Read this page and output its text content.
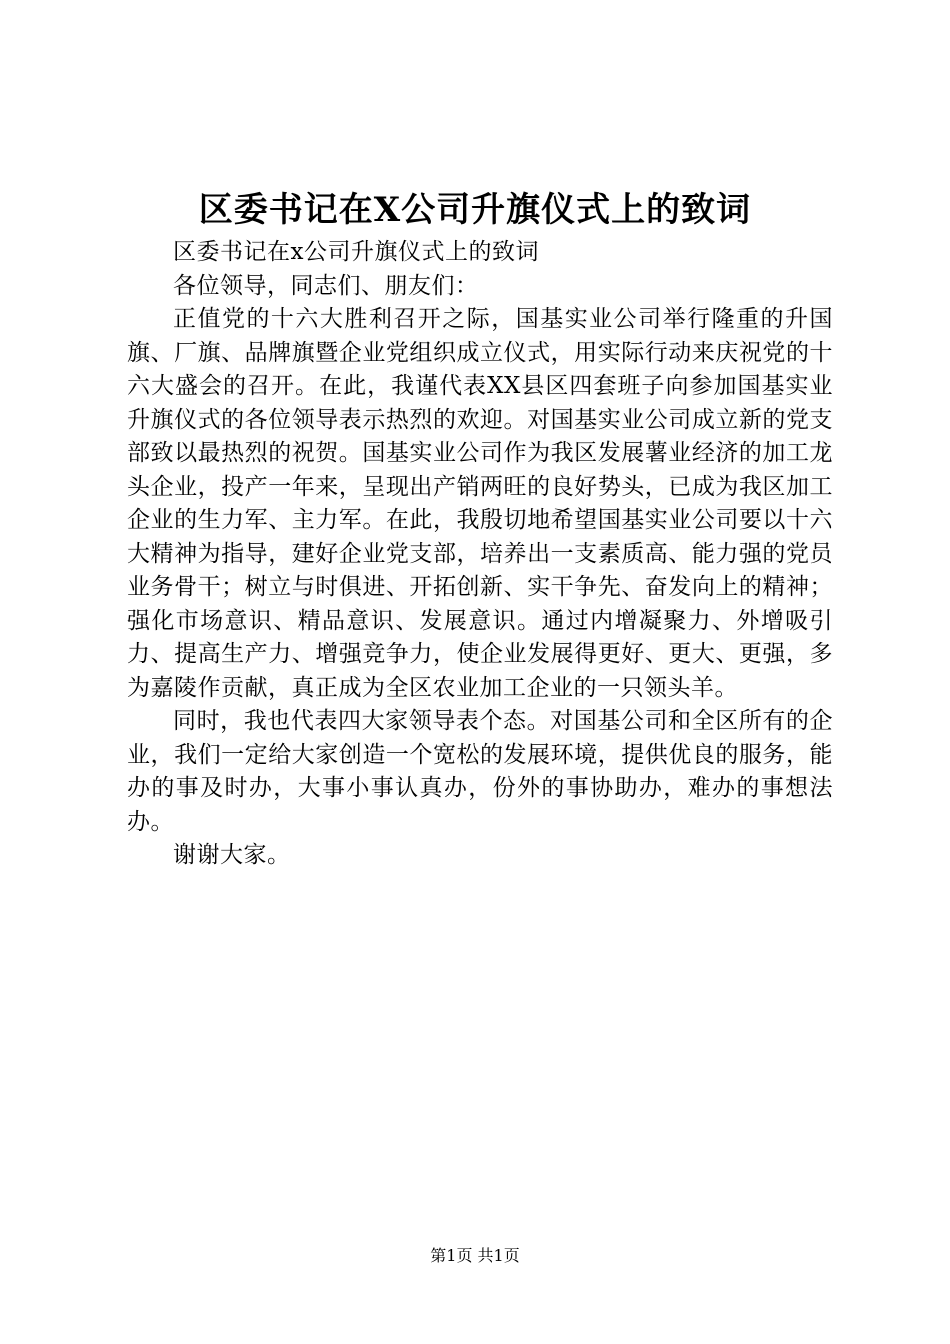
区委书记在X公司升旗仪式上的致词

区委书记在x公司升旗仪式上的致词

各位领导，同志们、朋友们：

正值党的十六大胜利召开之际，国基实业公司举行隆重的升国旗、厂旗、品牌旗暨企业党组织成立仪式，用实际行动来庆祝党的十六大盛会的召开。在此，我谨代表XX县区四套班子向参加国基实业升旗仪式的各位领导表示热烈的欢迎。对国基实业公司成立新的党支部致以最热烈的祝贺。国基实业公司作为我区发展薯业经济的加工龙头企业，投产一年来，呈现出产销两旺的良好势头，已成为我区加工企业的生力军、主力军。在此，我殷切地希望国基实业公司要以十六大精神为指导，建好企业党支部，培养出一支素质高、能力强的党员业务骨干；树立与时俱进、开拓创新、实干争先、奋发向上的精神；强化市场意识、精品意识、发展意识。通过内增凝聚力、外增吸引力、提高生产力、增强竞争力，使企业发展得更好、更大、更强，多为嘉陵作贡献，真正成为全区农业加工企业的一只领头羊。

同时，我也代表四大家领导表个态。对国基公司和全区所有的企业，我们一定给大家创造一个宽松的发展环境，提供优良的服务，能办的事及时办，大事小事认真办，份外的事协助办，难办的事想法办。

谢谢大家。

第1页 共1页
